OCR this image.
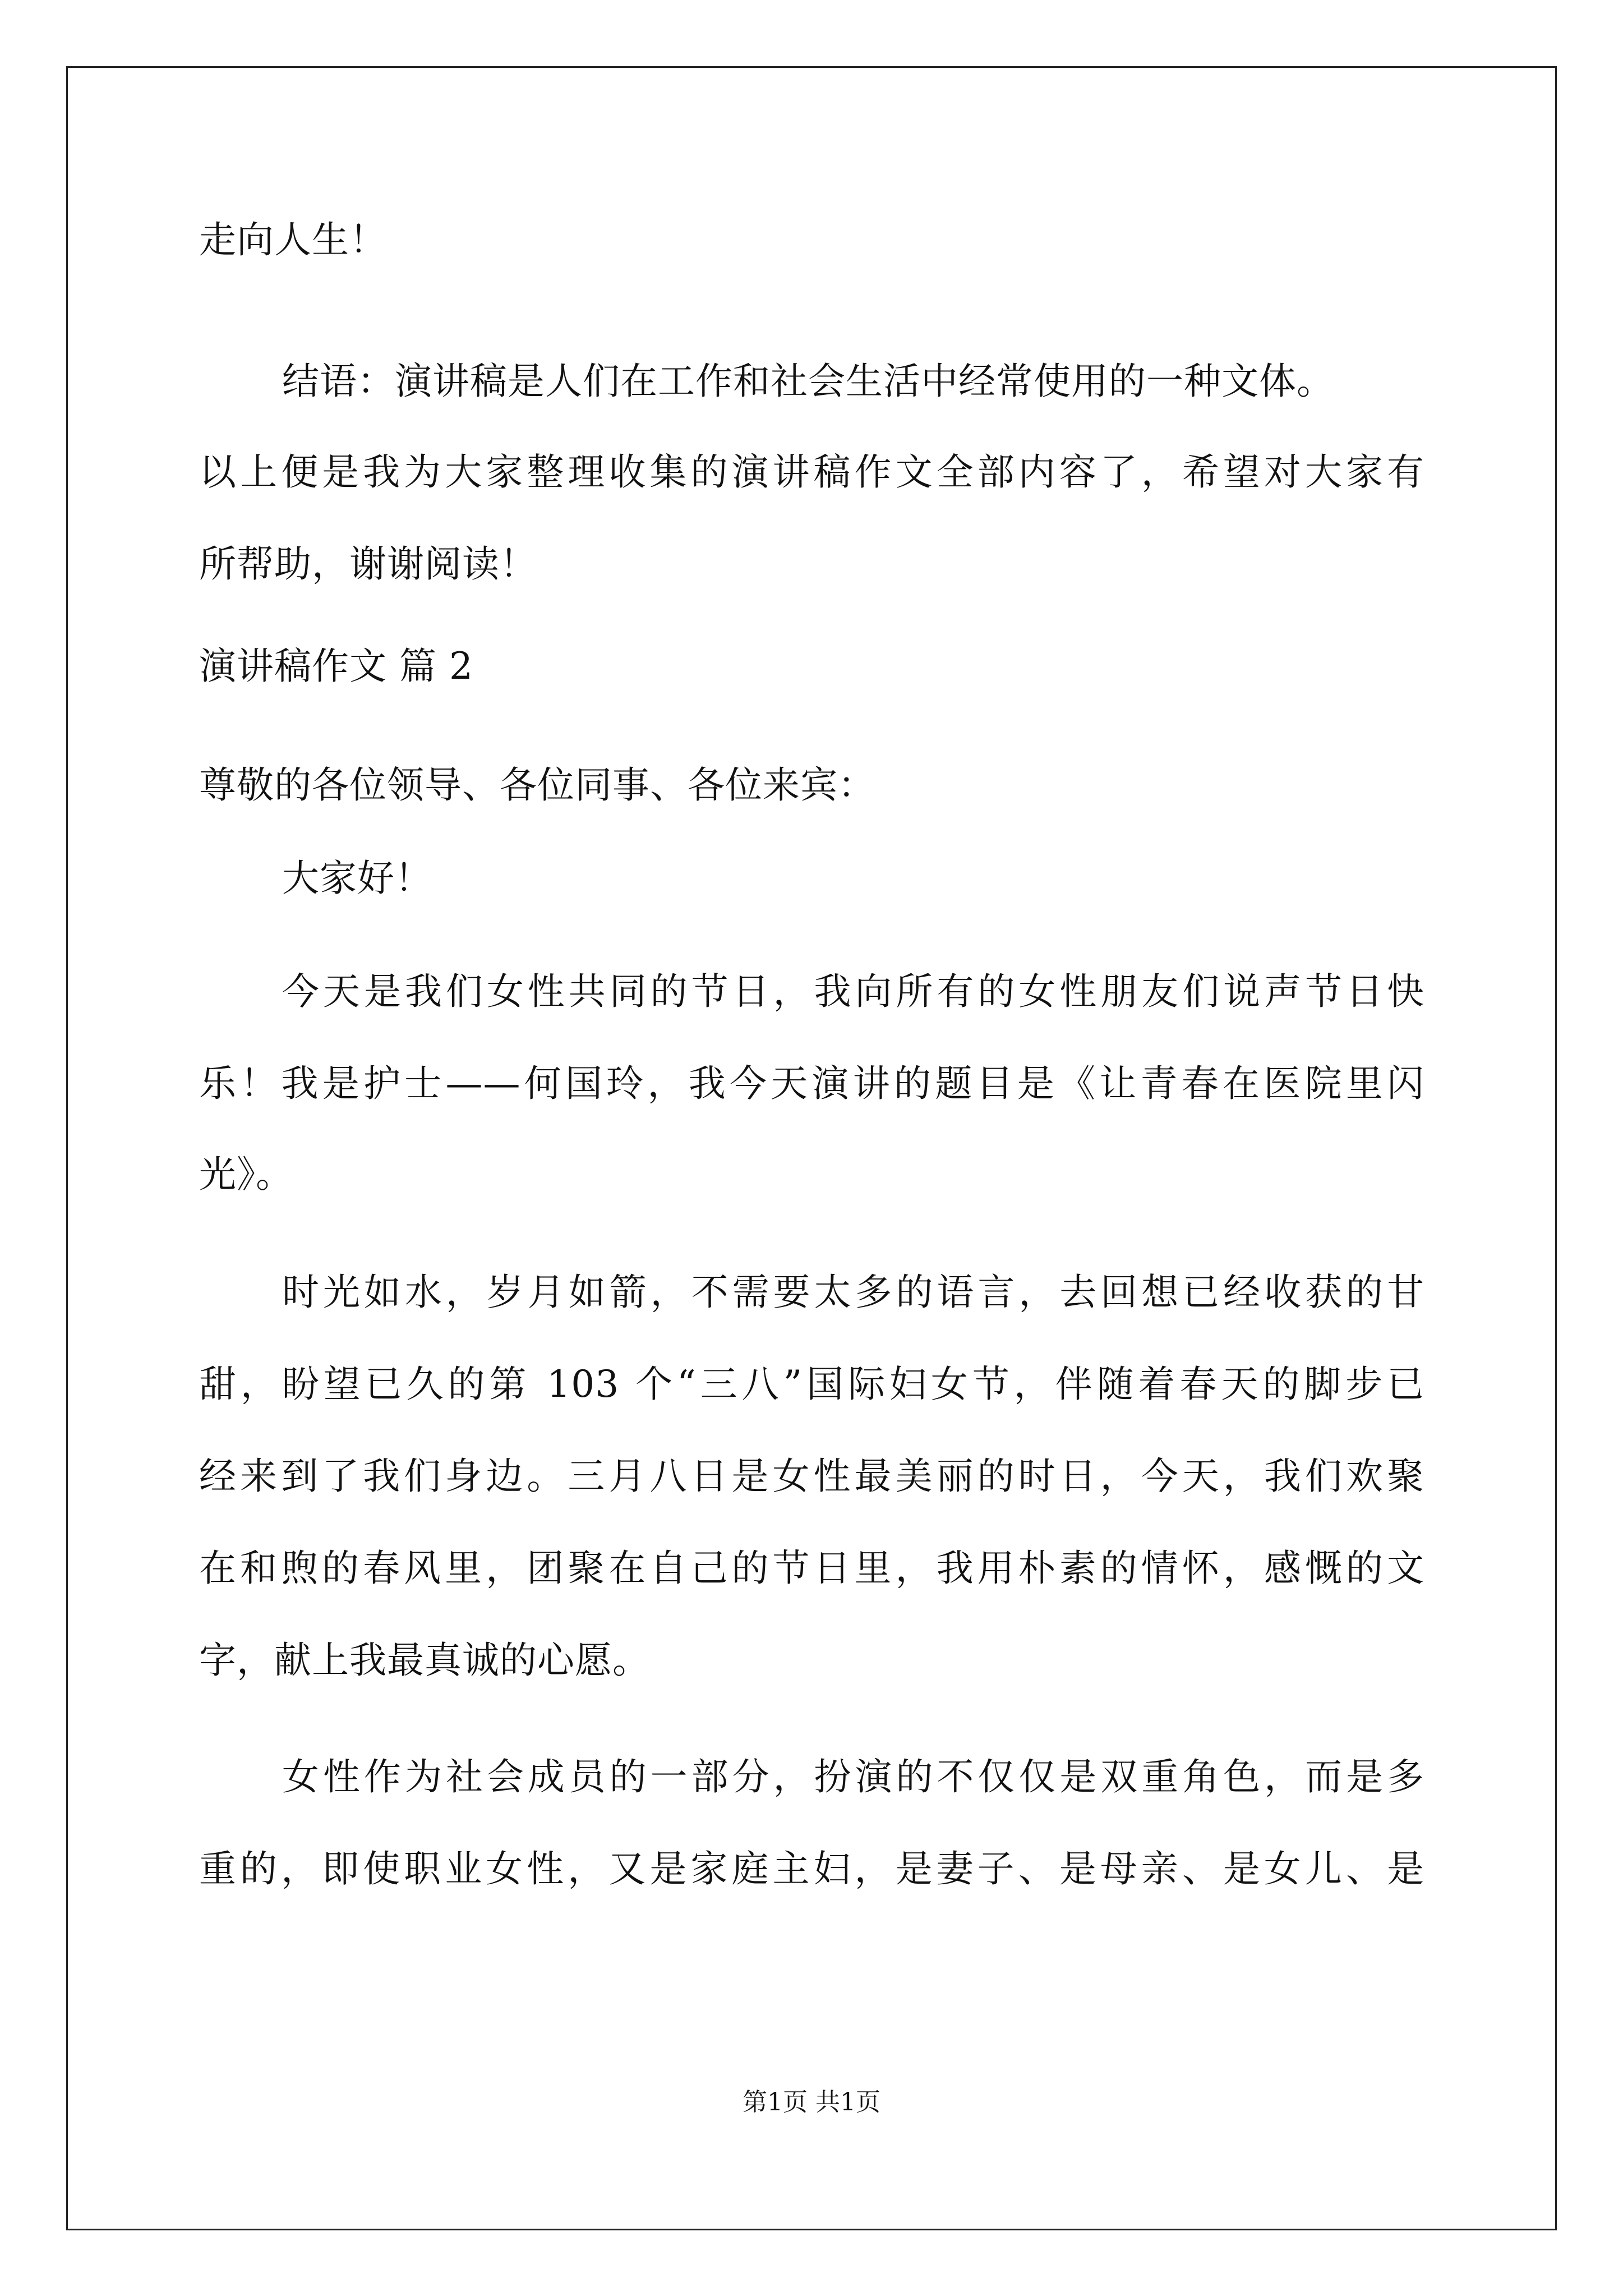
走向人生！
结语：演讲稿是人们在工作和社会生活中经常使用的一种文体。
以上便是我为大家整理收集的演讲稿作文全部内容了，希望对大家有
所帮助，谢谢阅读！
演讲稿作文 篇 2
尊敬的各位领导、各位同事、各位来宾：
大家好！
今天是我们女性共同的节日，我向所有的女性朋友们说声节日快
乐！我是护士——何国玲，我今天演讲的题目是《让青春在医院里闪
光》。
时光如水，岁月如箭，不需要太多的语言，去回想已经收获的甘
甜，盼望已久的第 103 个“三八”国际妇女节，伴随着春天的脚步已
经来到了我们身边。三月八日是女性最美丽的时日，今天，我们欢聚
在和煦的春风里，团聚在自己的节日里，我用朴素的情怀，感慨的文
字，献上我最真诚的心愿。
女性作为社会成员的一部分，扮演的不仅仅是双重角色，而是多
重的，即使职业女性，又是家庭主妇，是妻子、是母亲、是女儿、是
第1页 共1页
